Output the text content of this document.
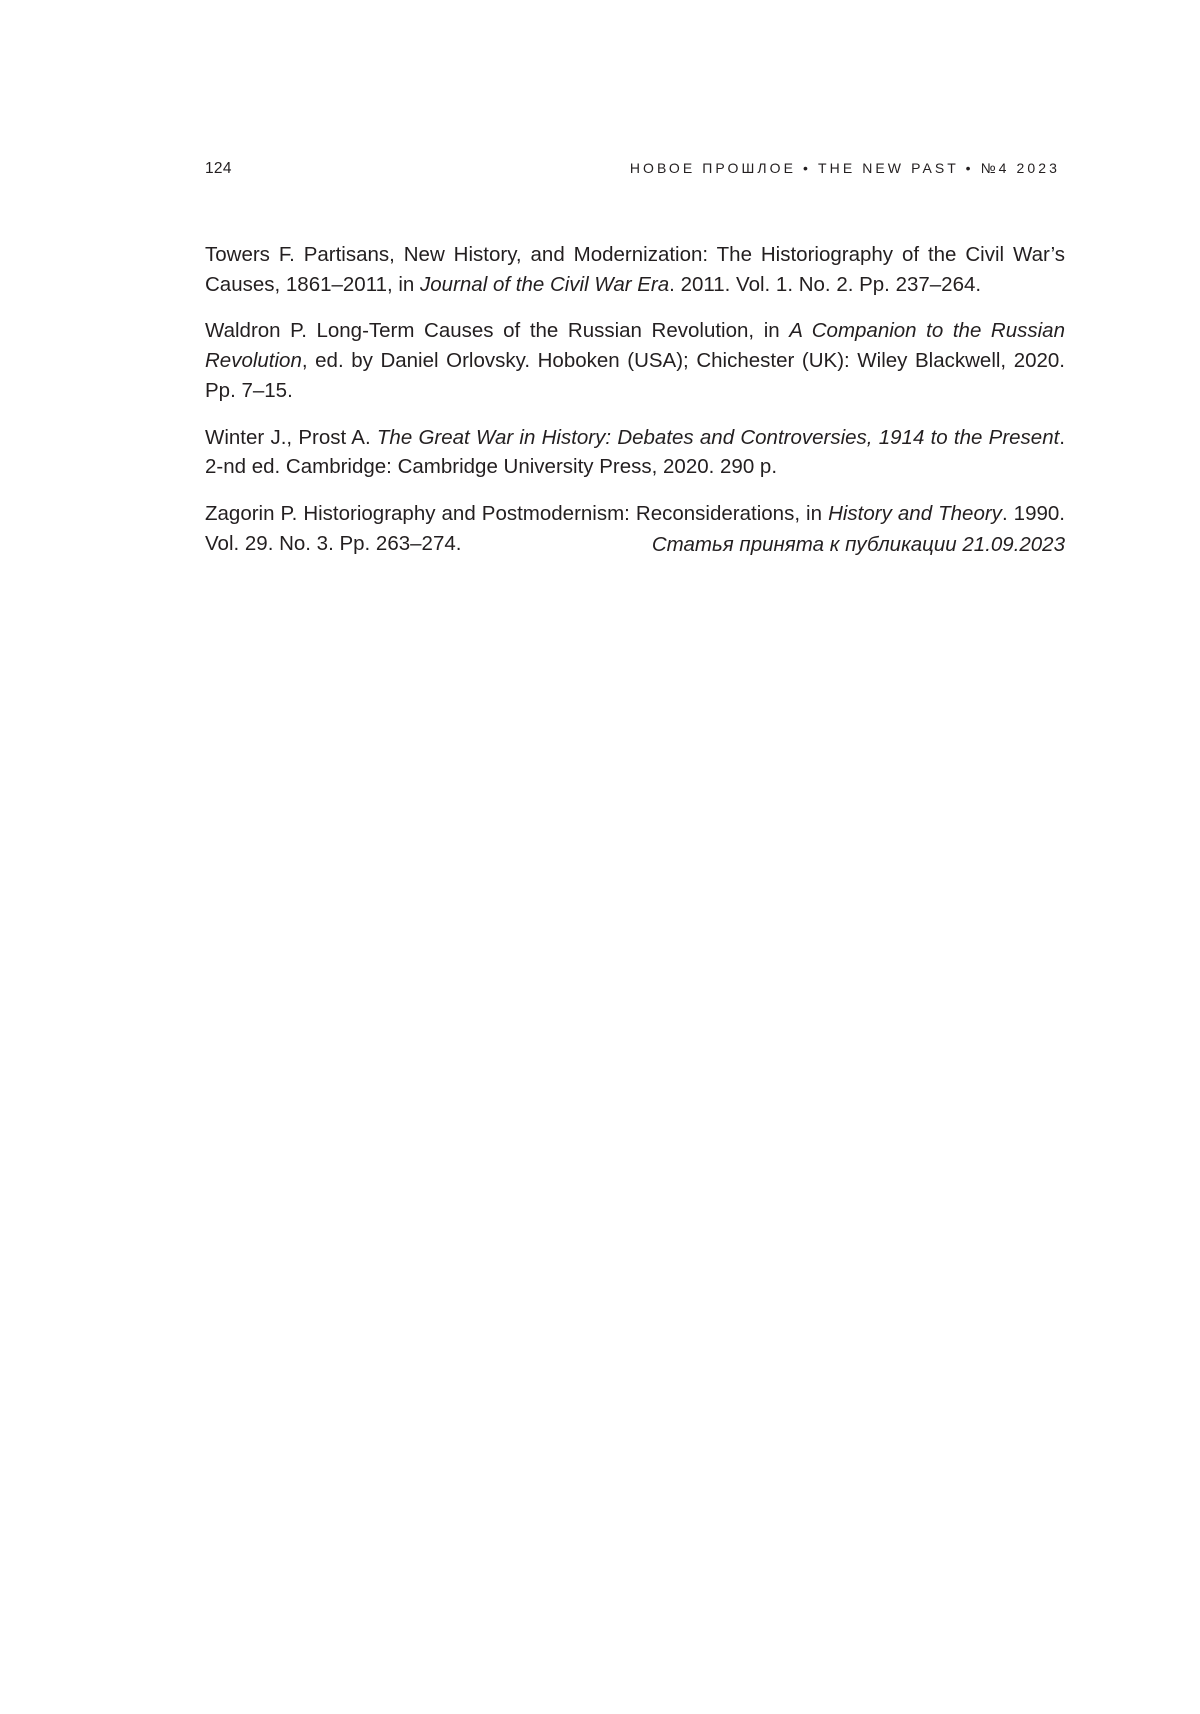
124	НОВОЕ ПРОШЛОЕ • THE NEW PAST • №4 2023

Towers F. Partisans, New History, and Modernization: The Historiography of the Civil War’s Causes, 1861–2011, in Journal of the Civil War Era. 2011. Vol. 1. No. 2. Pp. 237–264.

Waldron P. Long-Term Causes of the Russian Revolution, in A Companion to the Russian Revolution, ed. by Daniel Orlovsky. Hoboken (USA); Chichester (UK): Wiley Blackwell, 2020. Pp. 7–15.

Winter J., Prost A. The Great War in History: Debates and Controversies, 1914 to the Present. 2-nd ed. Cambridge: Cambridge University Press, 2020. 290 p.

Zagorin P. Historiography and Postmodernism: Reconsiderations, in History and Theory. 1990. Vol. 29. No. 3. Pp. 263–274.	Статья принята к публикации 21.09.2023
